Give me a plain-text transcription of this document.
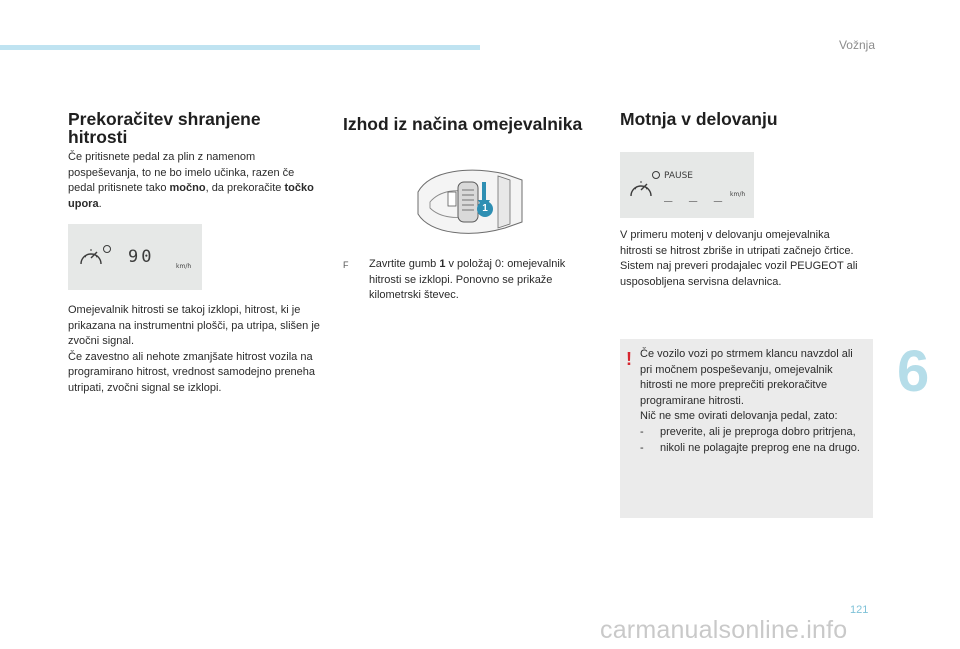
Vožnja
Prekoračitev shranjene hitrosti

Če pritisnete pedal za plin z namenom pospeševanja, to ne bo imelo učinka, razen če pedal pritisnete tako močno, da prekoračite točko upora.

90	km/h

Omejevalnik hitrosti se takoj izklopi, hitrost, ki je prikazana na instrumentni plošči, pa utripa, slišen je zvočni signal.

Če zavestno ali nehote zmanjšate hitrost vozila na programirano hitrost, vrednost samodejno preneha utripati, zvočni signal se izklopi.

Izhod iz načina omejevalnika
1
F Zavrtite gumb 1 v položaj 0: omejevalnik hitrosti se izklopi. Ponovno se prikaže kilometrski števec.
Motnja v delovanju
PAUSE
_ _ _ km/h

V primeru motenj v delovanju omejevalnika hitrosti se hitrost zbriše in utripati začnejo črtice.

Sistem naj preveri prodajalec vozil PEUGEOT ali usposobljena servisna delavnica.

! Če vozilo vozi po strmem klancu navzdol ali pri močnem pospeševanju, omejevalnik hitrosti ne more preprečiti prekoračitve programirane hitrosti.

Nič ne sme ovirati delovanja pedal, zato:

- preverite, ali je preproga dobro pritrjena,
- nikoli ne polagajte preprog ene na drugo.
6
121
carmanualsonline.info
